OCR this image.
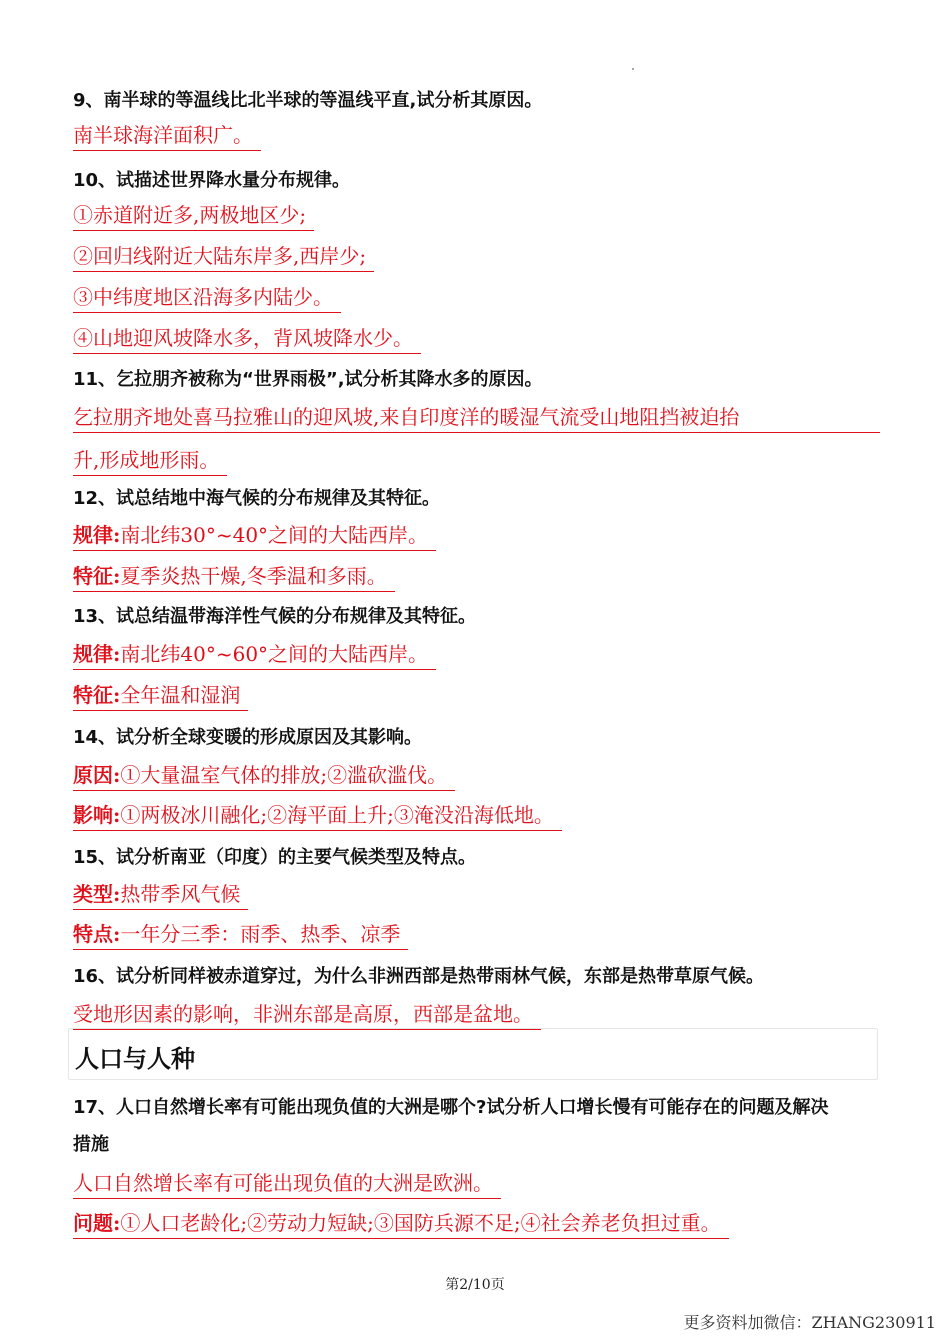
9、南半球的等温线比北半球的等温线平直,试分析其原因。
南半球海洋面积广。
10、试描述世界降水量分布规律。
①赤道附近多,两极地区少;
②回归线附近大陆东岸多,西岸少;
③中纬度地区沿海多内陆少。
④山地迎风坡降水多，背风坡降水少。
11、乞拉朋齐被称为“世界雨极”,试分析其降水多的原因。
乞拉朋齐地处喜马拉雅山的迎风坡,来自印度洋的暖湿气流受山地阻挡被迫抬
升,形成地形雨。
12、试总结地中海气候的分布规律及其特征。
规律:南北纬30°~40°之间的大陆西岸。
特征:夏季炎热干燥,冬季温和多雨。
13、试总结温带海洋性气候的分布规律及其特征。
规律:南北纬40°~60°之间的大陆西岸。
特征:全年温和湿润
14、试分析全球变暖的形成原因及其影响。
原因:①大量温室气体的排放;②滥砍滥伐。
影响:①两极冰川融化;②海平面上升;③淹没沿海低地。
15、试分析南亚（印度）的主要气候类型及特点。
类型:热带季风气候
特点:一年分三季：雨季、热季、凉季
16、试分析同样被赤道穿过，为什么非洲西部是热带雨林气候，东部是热带草原气候。
受地形因素的影响，非洲东部是高原，西部是盆地。
人口与人种
17、人口自然增长率有可能出现负值的大洲是哪个?试分析人口增长慢有可能存在的问题及解决
措施
人口自然增长率有可能出现负值的大洲是欧洲。
问题:①人口老龄化;②劳动力短缺;③国防兵源不足;④社会养老负担过重。
第2/10页
更多资料加微信：ZHANG230911
